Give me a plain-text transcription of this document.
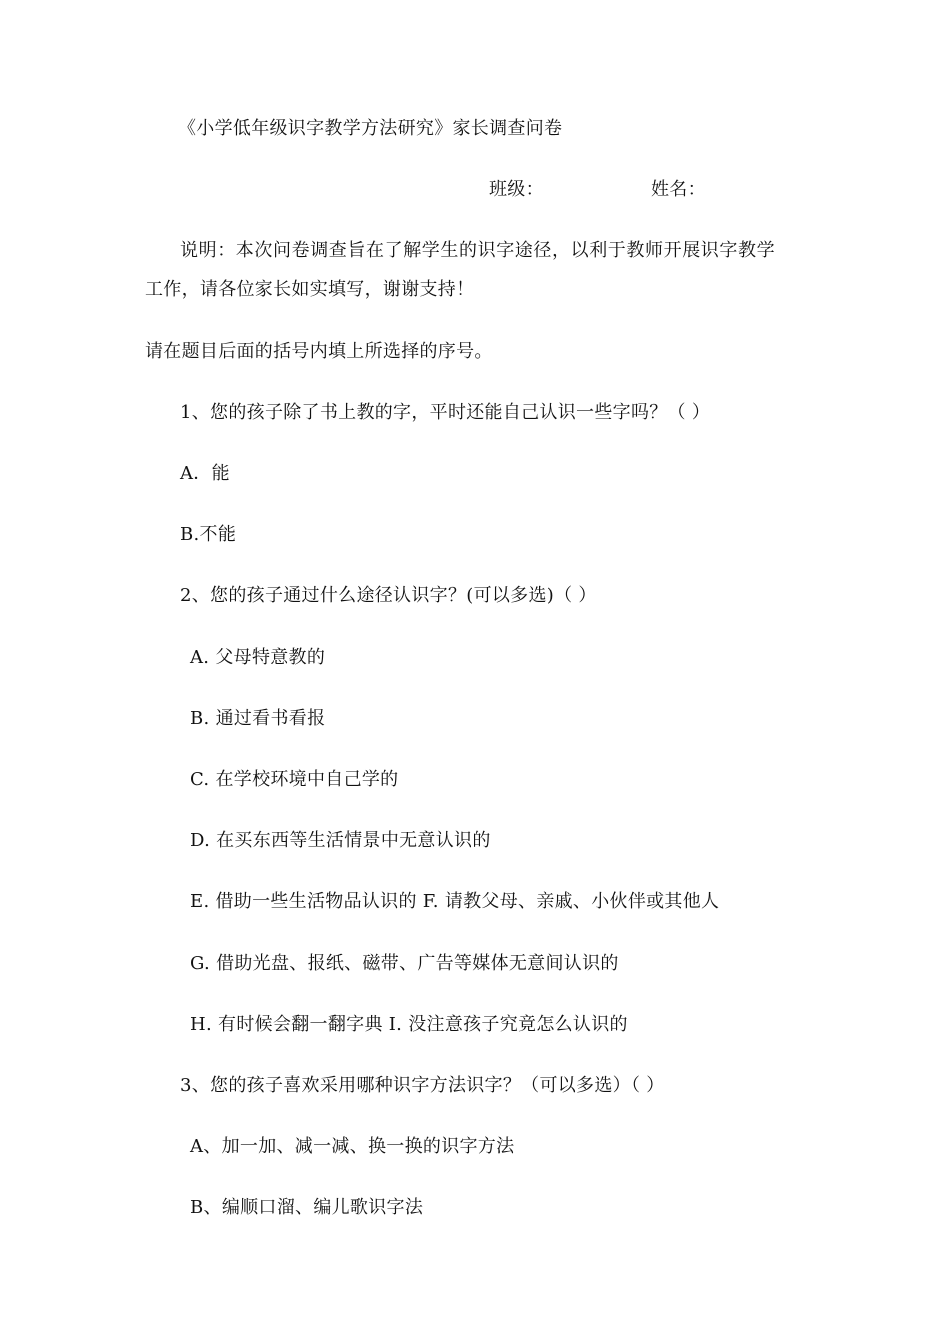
《小学低年级识字教学方法研究》家长调查问卷
班级：	姓名：
说明：本次问卷调查旨在了解学生的识字途径，以利于教师开展识字教学
工作，请各位家长如实填写，谢谢支持！
请在题目后面的括号内填上所选择的序号。
1、您的孩子除了书上教的字，平时还能自己认识一些字吗？（ ）
A．能
B.不能
2、您的孩子通过什么途径认识字？(可以多选)（ ）
A. 父母特意教的
B. 通过看书看报
C. 在学校环境中自己学的
D. 在买东西等生活情景中无意认识的
E. 借助一些生活物品认识的 F. 请教父母、亲戚、小伙伴或其他人
G. 借助光盘、报纸、磁带、广告等媒体无意间认识的
H. 有时候会翻一翻字典 I. 没注意孩子究竟怎么认识的
3、您的孩子喜欢采用哪种识字方法识字？（可以多选）（ ）
A、加一加、减一减、换一换的识字方法
B、编顺口溜、编儿歌识字法
